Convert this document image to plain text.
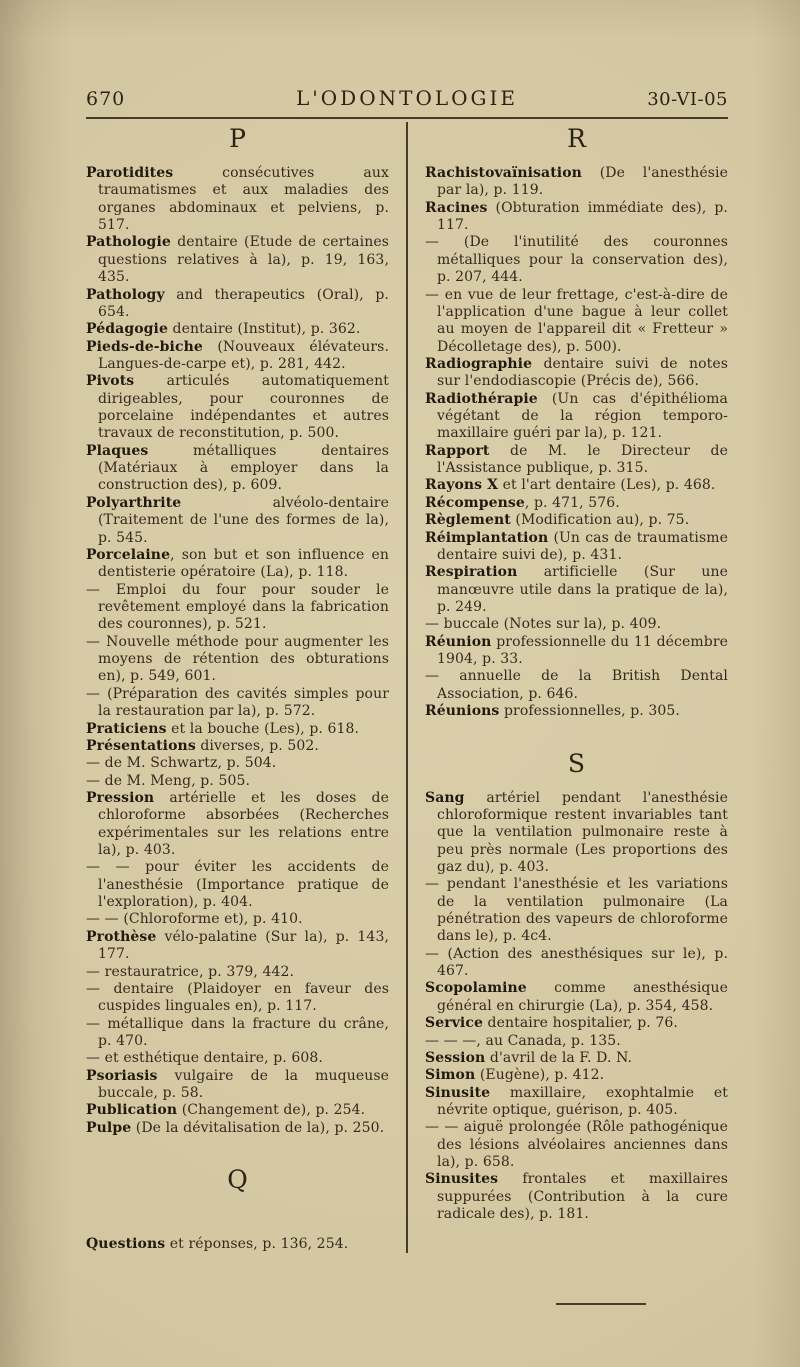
670	L'ODONTOLOGIE	30-VI-05
P

Parotidites consécutives aux traumatismes et aux maladies des organes abdominaux et pelviens, p. 517.

Pathologie dentaire (Etude de certaines questions relatives à la), p. 19, 163, 435.

Pathology and therapeutics (Oral), p. 654.

Pédagogie dentaire (Institut), p. 362.

Pieds-de-biche (Nouveaux élévateurs. Langues-de-carpe et), p. 281, 442.

Pivots articulés automatiquement dirigeables, pour couronnes de porcelaine indépendantes et autres travaux de reconstitution, p. 500.

Plaques métalliques dentaires (Matériaux à employer dans la construction des), p. 609.

Polyarthrite alvéolo-dentaire (Traitement de l'une des formes de la), p. 545.

Porcelaine, son but et son influence en dentisterie opératoire (La), p. 118.

— Emploi du four pour souder le revêtement employé dans la fabrication des couronnes), p. 521.

— Nouvelle méthode pour augmenter les moyens de rétention des obturations en), p. 549, 601.

— (Préparation des cavités simples pour la restauration par la), p. 572.

Praticiens et la bouche (Les), p. 618.

Présentations diverses, p. 502.

— de M. Schwartz, p. 504.

— de M. Meng, p. 505.

Pression artérielle et les doses de chloroforme absorbées (Recherches expérimentales sur les relations entre la), p. 403.

— — pour éviter les accidents de l'anesthésie (Importance pratique de l'exploration), p. 404.

— — (Chloroforme et), p. 410.

Prothèse vélo-palatine (Sur la), p. 143, 177.

— restauratrice, p. 379, 442.

— dentaire (Plaidoyer en faveur des cuspides linguales en), p. 117.

— métallique dans la fracture du crâne, p. 470.

— et esthétique dentaire, p. 608.

Psoriasis vulgaire de la muqueuse buccale, p. 58.

Publication (Changement de), p. 254.

Pulpe (De la dévitalisation de la), p. 250.

Q

Questions et réponses, p. 136, 254.

R

Rachistovaïnisation (De l'anesthésie par la), p. 119.

Racines (Obturation immédiate des), p. 117.

— (De l'inutilité des couronnes métalliques pour la conservation des), p. 207, 444.

— en vue de leur frettage, c'est-à-dire de l'application d'une bague à leur collet au moyen de l'appareil dit « Fretteur » Décolletage des), p. 500).

Radiographie dentaire suivi de notes sur l'endodiascopie (Précis de), 566.

Radiothérapie (Un cas d'épithélioma végétant de la région temporo-maxillaire guéri par la), p. 121.

Rapport de M. le Directeur de l'Assistance publique, p. 315.

Rayons X et l'art dentaire (Les), p. 468.

Récompense, p. 471, 576.

Règlement (Modification au), p. 75.

Réimplantation (Un cas de traumatisme dentaire suivi de), p. 431.

Respiration artificielle (Sur une manœuvre utile dans la pratique de la), p. 249.

— buccale (Notes sur la), p. 409.

Réunion professionnelle du 11 décembre 1904, p. 33.

— annuelle de la British Dental Association, p. 646.

Réunions professionnelles, p. 305.

S

Sang artériel pendant l'anesthésie chloroformique restent invariables tant que la ventilation pulmonaire reste à peu près normale (Les proportions des gaz du), p. 403.

— pendant l'anesthésie et les variations de la ventilation pulmonaire (La pénétration des vapeurs de chloroforme dans le), p. 4c4.

— (Action des anesthésiques sur le), p. 467.

Scopolamine comme anesthésique général en chirurgie (La), p. 354, 458.

Service dentaire hospitalier, p. 76.

— — —, au Canada, p. 135.

Session d'avril de la F. D. N.

Simon (Eugène), p. 412.

Sinusite maxillaire, exophtalmie et névrite optique, guérison, p. 405.

— — aiguë prolongée (Rôle pathogénique des lésions alvéolaires anciennes dans la), p. 658.

Sinusites frontales et maxillaires suppurées (Contribution à la cure radicale des), p. 181.
